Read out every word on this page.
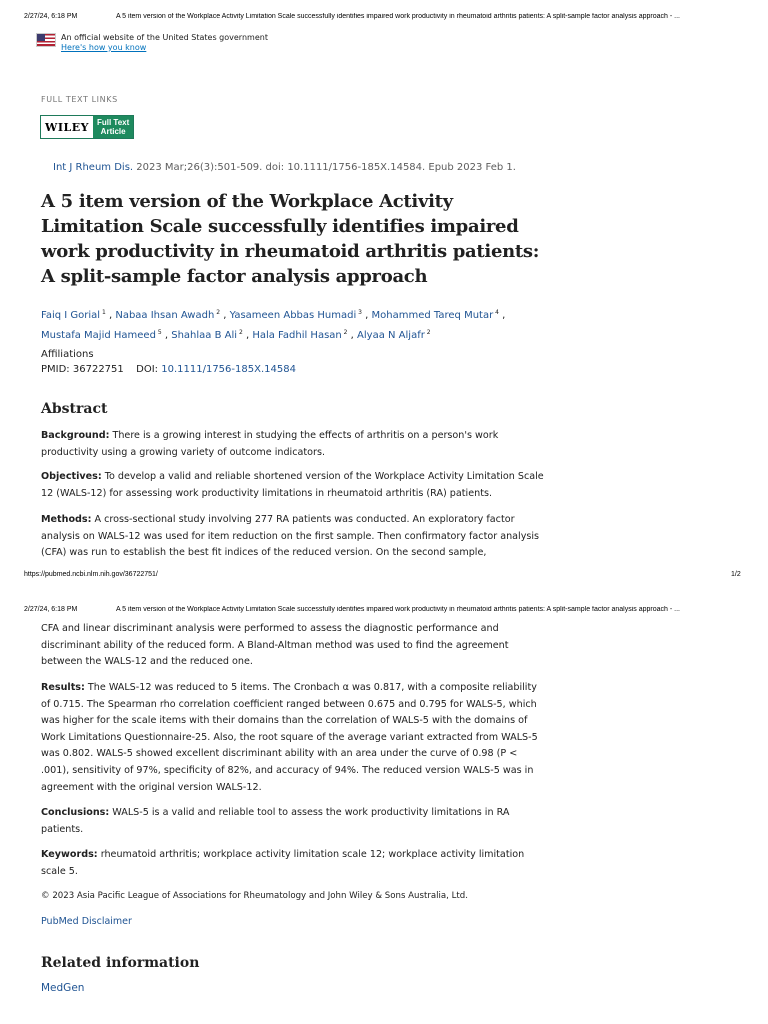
2/27/24, 6:18 PM	A 5 item version of the Workplace Activity Limitation Scale successfully identifies impaired work productivity in rheumatoid arthritis patients: A split-sample factor analysis approach - ...
An official website of the United States government
Here's how you know
FULL TEXT LINKS
WILEY	Full Text
Article
Int J Rheum Dis. 2023 Mar;26(3):501-509. doi: 10.1111/1756-185X.14584. Epub 2023 Feb 1.
A 5 item version of the Workplace Activity Limitation Scale successfully identifies impaired work productivity in rheumatoid arthritis patients: A split-sample factor analysis approach
Faiq I Gorial $^1$ , Nabaa Ihsan Awadh $^2$ , Yasameen Abbas Humadi $^3$ , Mohammed Tareq Mutar $^4$ , Mustafa Majid Hameed $^5$ , Shahlaa B Ali $^2$ , Hala Fadhil Hasan $^2$ , Alyaa N Aljafr $^2$
Affiliations
PMID: 36722751 DOI: 10.1111/1756-185X.14584
Abstract
Background: There is a growing interest in studying the effects of arthritis on a person's work productivity using a growing variety of outcome indicators.
Objectives: To develop a valid and reliable shortened version of the Workplace Activity Limitation Scale 12 (WALS-12) for assessing work productivity limitations in rheumatoid arthritis (RA) patients.
Methods: A cross-sectional study involving 277 RA patients was conducted. An exploratory factor analysis on WALS-12 was used for item reduction on the first sample. Then confirmatory factor analysis (CFA) was run to establish the best fit indices of the reduced version. On the second sample,
https://pubmed.ncbi.nlm.nih.gov/36722751/	1/2
2/27/24, 6:18 PM	A 5 item version of the Workplace Activity Limitation Scale successfully identifies impaired work productivity in rheumatoid arthritis patients: A split-sample factor analysis approach - ...
CFA and linear discriminant analysis were performed to assess the diagnostic performance and discriminant ability of the reduced form. A Bland-Altman method was used to find the agreement between the WALS-12 and the reduced one.
Results: The WALS-12 was reduced to 5 items. The Cronbach α was 0.817, with a composite reliability of 0.715. The Spearman rho correlation coefficient ranged between 0.675 and 0.795 for WALS-5, which was higher for the scale items with their domains than the correlation of WALS-5 with the domains of Work Limitations Questionnaire-25. Also, the root square of the average variant extracted from WALS-5 was 0.802. WALS-5 showed excellent discriminant ability with an area under the curve of 0.98 (P < .001), sensitivity of 97%, specificity of 82%, and accuracy of 94%. The reduced version WALS-5 was in agreement with the original version WALS-12.
Conclusions: WALS-5 is a valid and reliable tool to assess the work productivity limitations in RA patients.
Keywords: rheumatoid arthritis; workplace activity limitation scale 12; workplace activity limitation scale 5.
© 2023 Asia Pacific League of Associations for Rheumatology and John Wiley & Sons Australia, Ltd.
PubMed Disclaimer
Related information
MedGen
